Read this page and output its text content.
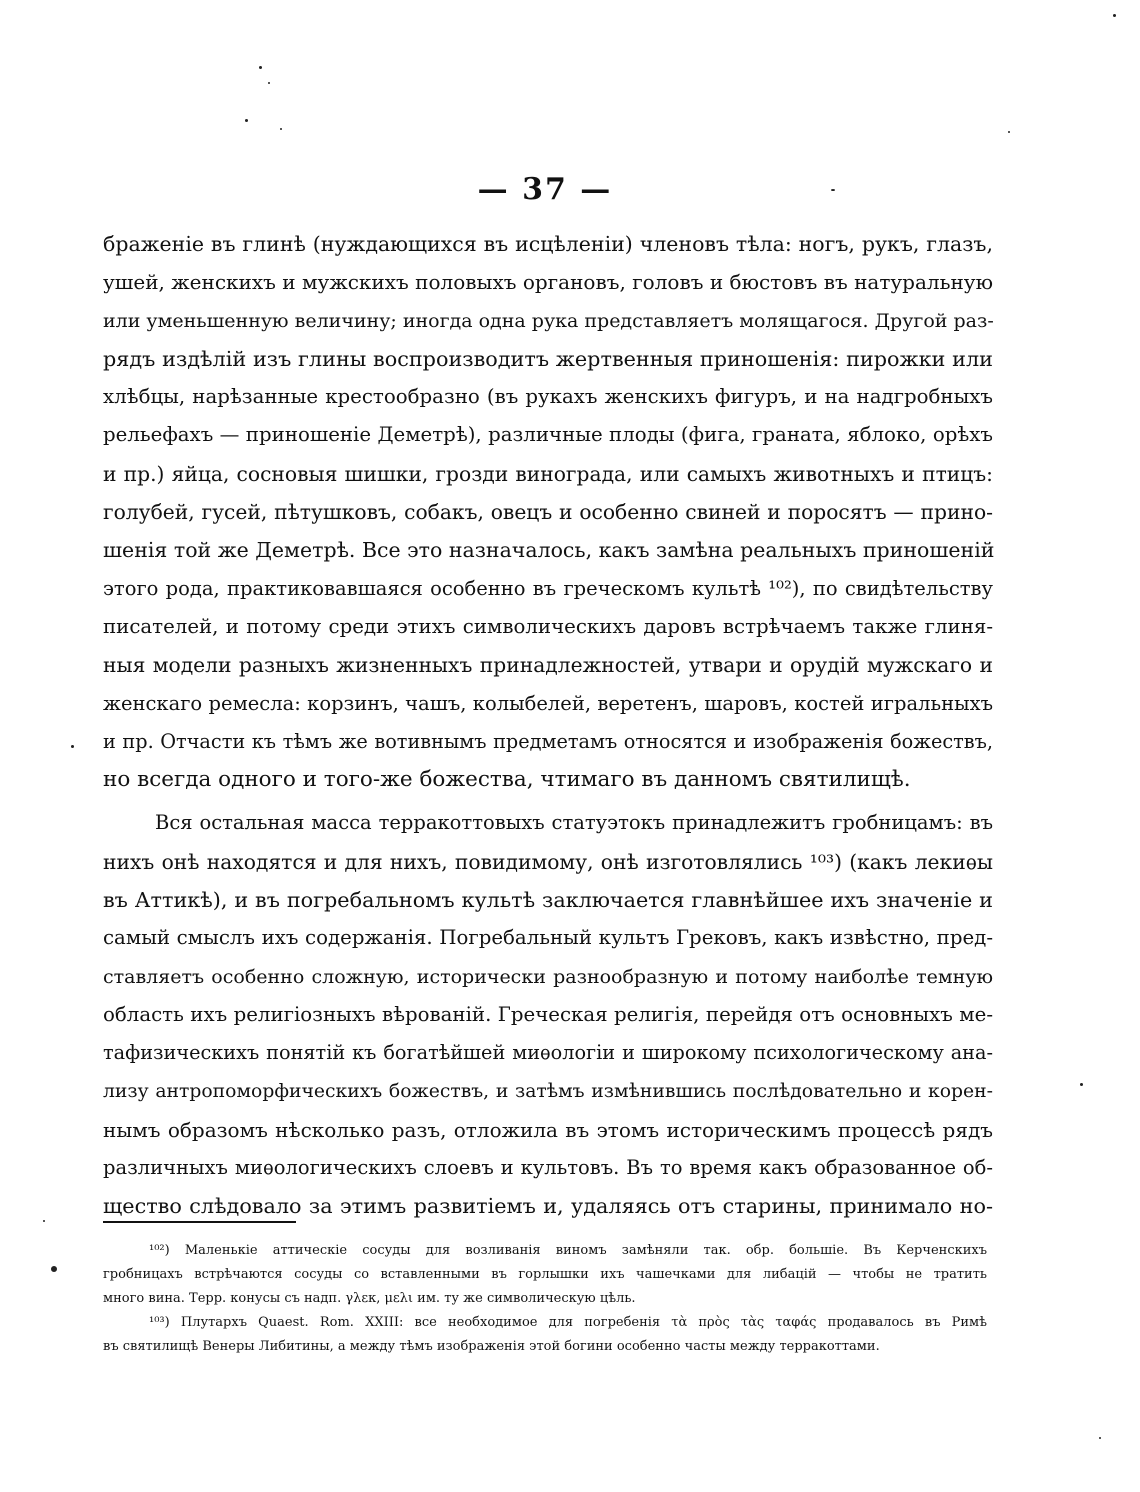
— 37 —
браженіе въ глинѣ (нуждающихся въ исцѣленіи) членовъ тѣла: ногъ, рукъ, глазъ,
ушей, женскихъ и мужскихъ половыхъ органовъ, головъ и бюстовъ въ натуральную
или уменьшенную величину; иногда одна рука представляетъ молящагося. Другой раз-
рядъ издѣлій изъ глины воспроизводитъ жертвенныя приношенія: пирожки или
хлѣбцы, нарѣзанные крестообразно (въ рукахъ женскихъ фигуръ, и на надгробныхъ
рельефахъ — приношеніе Деметрѣ), различные плоды (фига, граната, яблоко, орѣхъ
и пр.) яйца, сосновыя шишки, грозди винограда, или самыхъ животныхъ и птицъ:
голубей, гусей, пѣтушковъ, собакъ, овецъ и особенно свиней и поросятъ — прино-
шенія той же Деметрѣ. Все это назначалось, какъ замѣна реальныхъ приношеній
этого рода, практиковавшаяся особенно въ греческомъ культѣ ¹⁰²), по свидѣтельству
писателей, и потому среди этихъ символическихъ даровъ встрѣчаемъ также глиня-
ныя модели разныхъ жизненныхъ принадлежностей, утвари и орудій мужскаго и
женскаго ремесла: корзинъ, чашъ, колыбелей, веретенъ, шаровъ, костей игральныхъ
и пр. Отчасти къ тѣмъ же вотивнымъ предметамъ относятся и изображенія божествъ,
но всегда одного и того-же божества, чтимаго въ данномъ святилищѣ.
Вся остальная масса терракоттовыхъ статуэтокъ принадлежитъ гробницамъ: въ
нихъ онѣ находятся и для нихъ, повидимому, онѣ изготовлялись ¹⁰³) (какъ лекиѳы
въ Аттикѣ), и въ погребальномъ культѣ заключается главнѣйшее ихъ значеніе и
самый смыслъ ихъ содержанія. Погребальный культъ Грековъ, какъ извѣстно, пред-
ставляетъ особенно сложную, исторически разнообразную и потому наиболѣе темную
область ихъ религіозныхъ вѣрованій. Греческая религія, перейдя отъ основныхъ ме-
тафизическихъ понятій къ богатѣйшей миѳологіи и широкому психологическому ана-
лизу антропоморфическихъ божествъ, и затѣмъ измѣнившись послѣдовательно и корен-
нымъ образомъ нѣсколько разъ, отложила въ этомъ историческимъ процессѣ рядъ
различныхъ миѳологическихъ слоевъ и культовъ. Въ то время какъ образованное об-
щество слѣдовало за этимъ развитіемъ и, удаляясь отъ старины, принимало но-
¹⁰²) Маленькіе аттическіе сосуды для возливанія виномъ замѣняли так. обр. большіе. Въ Керченскихъ
гробницахъ встрѣчаются сосуды со вставленными въ горлышки ихъ чашечками для либацій — чтобы не тратить
много вина. Терр. конусы съ надп. γλεκ, μελι им. ту же символическую цѣль.
¹⁰³) Плутархъ Quaest. Rom. XXIII: все необходимое для погребенія τὰ πρὸς τὰς ταφάς продавалось въ Римѣ
въ святилищѣ Венеры Либитины, а между тѣмъ изображенія этой богини особенно часты между терракоттами.
